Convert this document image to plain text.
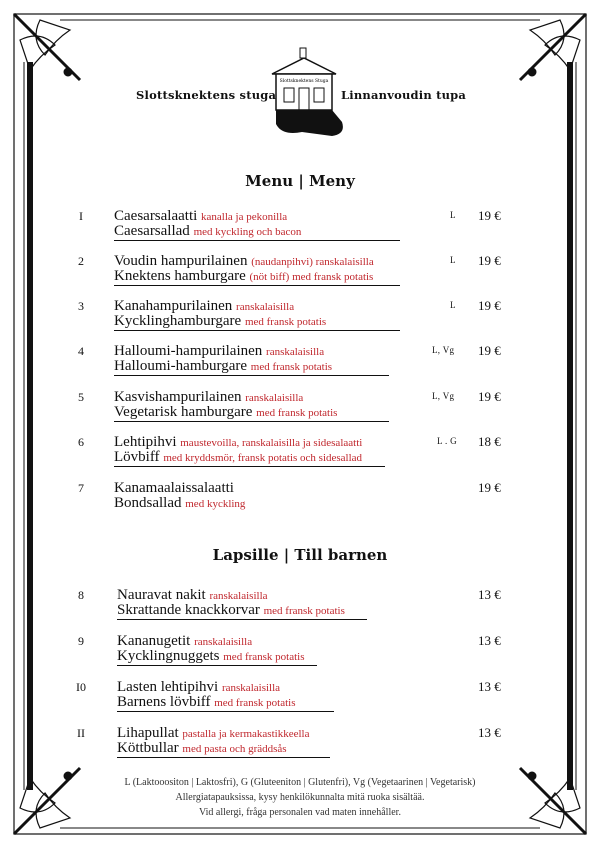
Slottsknektens stuga	Linnanvoudin tupa
Slottsknektens Stuga
Menu | Meny
Lapsille | Till barnen
I	Caesarsalaatti kanalla ja pekonilla
Caesarsallad med kyckling och bacon
L 19 €
2	Voudin hampurilainen (naudanpihvi) ranskalaisilla
Knektens hamburgare (nöt biff) med fransk potatis
L 19 €
3	Kanahampurilainen ranskalaisilla
Kycklinghamburgare med fransk potatis
L 19 €
4	Halloumi-hampurilainen ranskalaisilla
Halloumi-hamburgare med fransk potatis
L, Vg 19 €
5	Kasvishampurilainen ranskalaisilla
Vegetarisk hamburgare med fransk potatis
L, Vg 19 €
6	Lehtipihvi maustevoilla, ranskalaisilla ja sidesalaatti
Lövbiff med kryddsmör, fransk potatis och sidesallad
L . G 18 €
7	Kanamaalaissalaatti
Bondsallad med kyckling
19 €
8	Nauravat nakit ranskalaisilla
Skrattande knackkorvar med fransk potatis
13 €
9	Kananugetit ranskalaisilla
Kycklingnuggets med fransk potatis
13 €
I0	Lasten lehtipihvi ranskalaisilla
Barnens lövbiff med fransk potatis
13 €
II	Lihapullat pastalla ja kermakastikkeella
Köttbullar med pasta och gräddsås
13 €
L (Laktooositon | Laktosfri), G (Gluteeniton | Glutenfri), Vg (Vegetaarinen | Vegetarisk)
Allergiatapauksissa, kysy henkilökunnalta mitä ruoka sisältää.
Vid allergi, fråga personalen vad maten innehåller.
